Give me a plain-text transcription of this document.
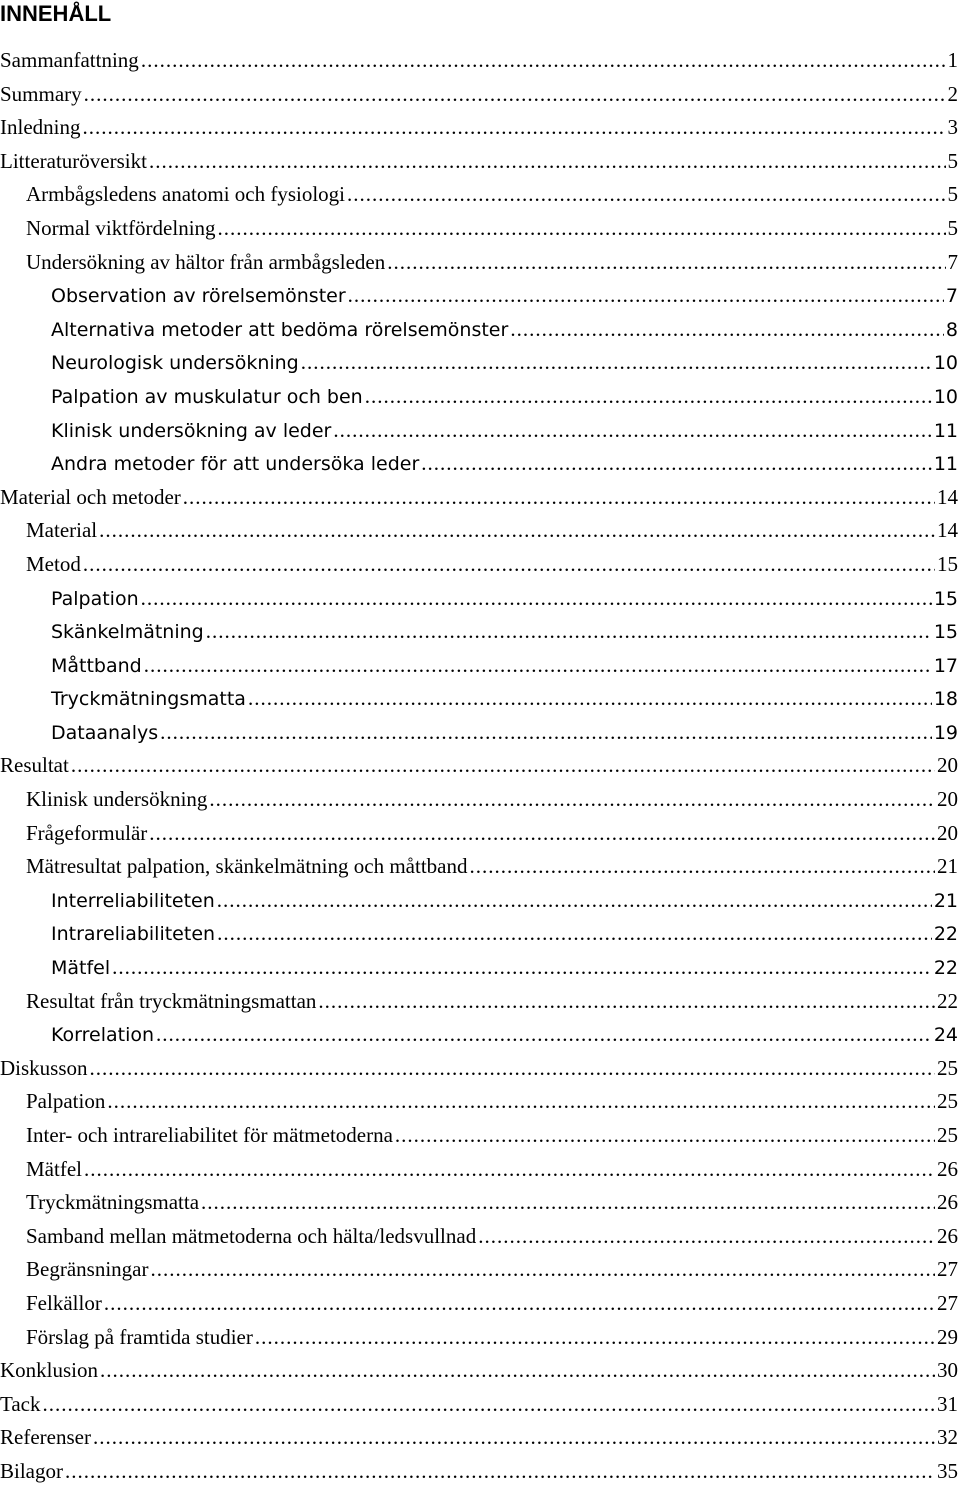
INNEHÅLL
Sammanfattning .....	1
Summary .....	2
Inledning .....	3
Litteraturöversikt .....	5
Armbågsledens anatomi och fysiologi .....	5
Normal viktfördelning .....	5
Undersökning av hältor från armbågsleden .....	7
Observation av rörelsemönster .....	7
Alternativa metoder att bedöma rörelsemönster .....	8
Neurologisk undersökning .....	10
Palpation av muskulatur och ben .....	10
Klinisk undersökning av leder .....	11
Andra metoder för att undersöka leder .....	11
Material och metoder .....	14
Material .....	14
Metod .....	15
Palpation .....	15
Skänkelmätning .....	15
Måttband .....	17
Tryckmätningsmatta .....	18
Dataanalys .....	19
Resultat .....	20
Klinisk undersökning .....	20
Frågeformulär .....	20
Mätresultat palpation, skänkelmätning och måttband .....	21
Interreliabiliteten .....	21
Intrareliabiliteten .....	22
Mätfel .....	22
Resultat från tryckmätningsmattan .....	22
Korrelation .....	24
Diskusson .....	25
Palpation .....	25
Inter- och intrareliabilitet för mätmetoderna .....	25
Mätfel .....	26
Tryckmätningsmatta .....	26
Samband mellan mätmetoderna och hälta/ledsvullnad .....	26
Begränsningar .....	27
Felkällor .....	27
Förslag på framtida studier .....	29
Konklusion .....	30
Tack .....	31
Referenser .....	32
Bilagor .....	35
